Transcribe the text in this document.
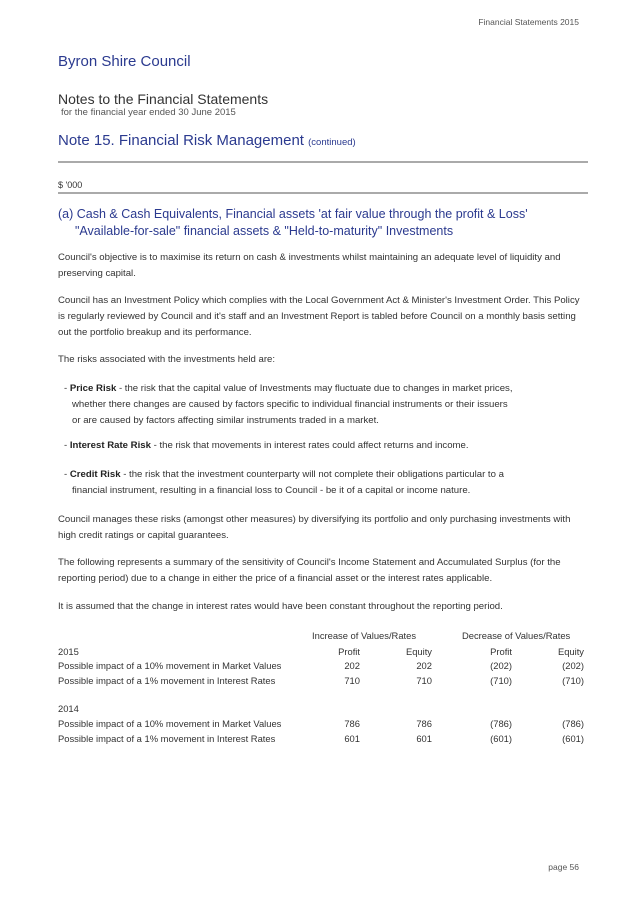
Financial Statements 2015
Byron Shire Council
Notes to the Financial Statements
for the financial year ended 30 June 2015
Note 15. Financial Risk Management (continued)
$ '000
(a) Cash & Cash Equivalents, Financial assets 'at fair value through the profit & Loss'
"Available-for-sale" financial assets & "Held-to-maturity" Investments

Council's objective is to maximise its return on cash & investments whilst maintaining an adequate level of liquidity and preserving capital.

Council has an Investment Policy which complies with the Local Government Act & Minister's Investment Order. This Policy is regularly reviewed by Council and it's staff and an Investment Report is tabled before Council on a monthly basis setting out the portfolio breakup and its performance.

The risks associated with the investments held are:

- Price Risk - the risk that the capital value of Investments may fluctuate due to changes in market prices,
whether there changes are caused by factors specific to individual financial instruments or their issuers
or are caused by factors affecting similar instruments traded in a market.

- Interest Rate Risk - the risk that movements in interest rates could affect returns and income.

- Credit Risk - the risk that the investment counterparty will not complete their obligations particular to a
financial instrument, resulting in a financial loss to Council - be it of a capital or income nature.

Council manages these risks (amongst other measures) by diversifying its portfolio and only purchasing investments with high credit ratings or capital guarantees.

The following represents a summary of the sensitivity of Council's Income Statement and Accumulated Surplus (for the reporting period) due to a change in either the price of a financial asset or the interest rates applicable.

It is assumed that the change in interest rates would have been constant throughout the reporting period.

Increase of Values/Rates	Decrease of Values/Rates
2015	Profit	Equity	Profit	Equity
Possible impact of a 10% movement in Market Values	202	202	(202)	(202)
Possible impact of a 1% movement in Interest Rates	710	710	(710)	(710)
2014
Possible impact of a 10% movement in Market Values	786	786	(786)	(786)
Possible impact of a 1% movement in Interest Rates	601	601	(601)	(601)
page 56
